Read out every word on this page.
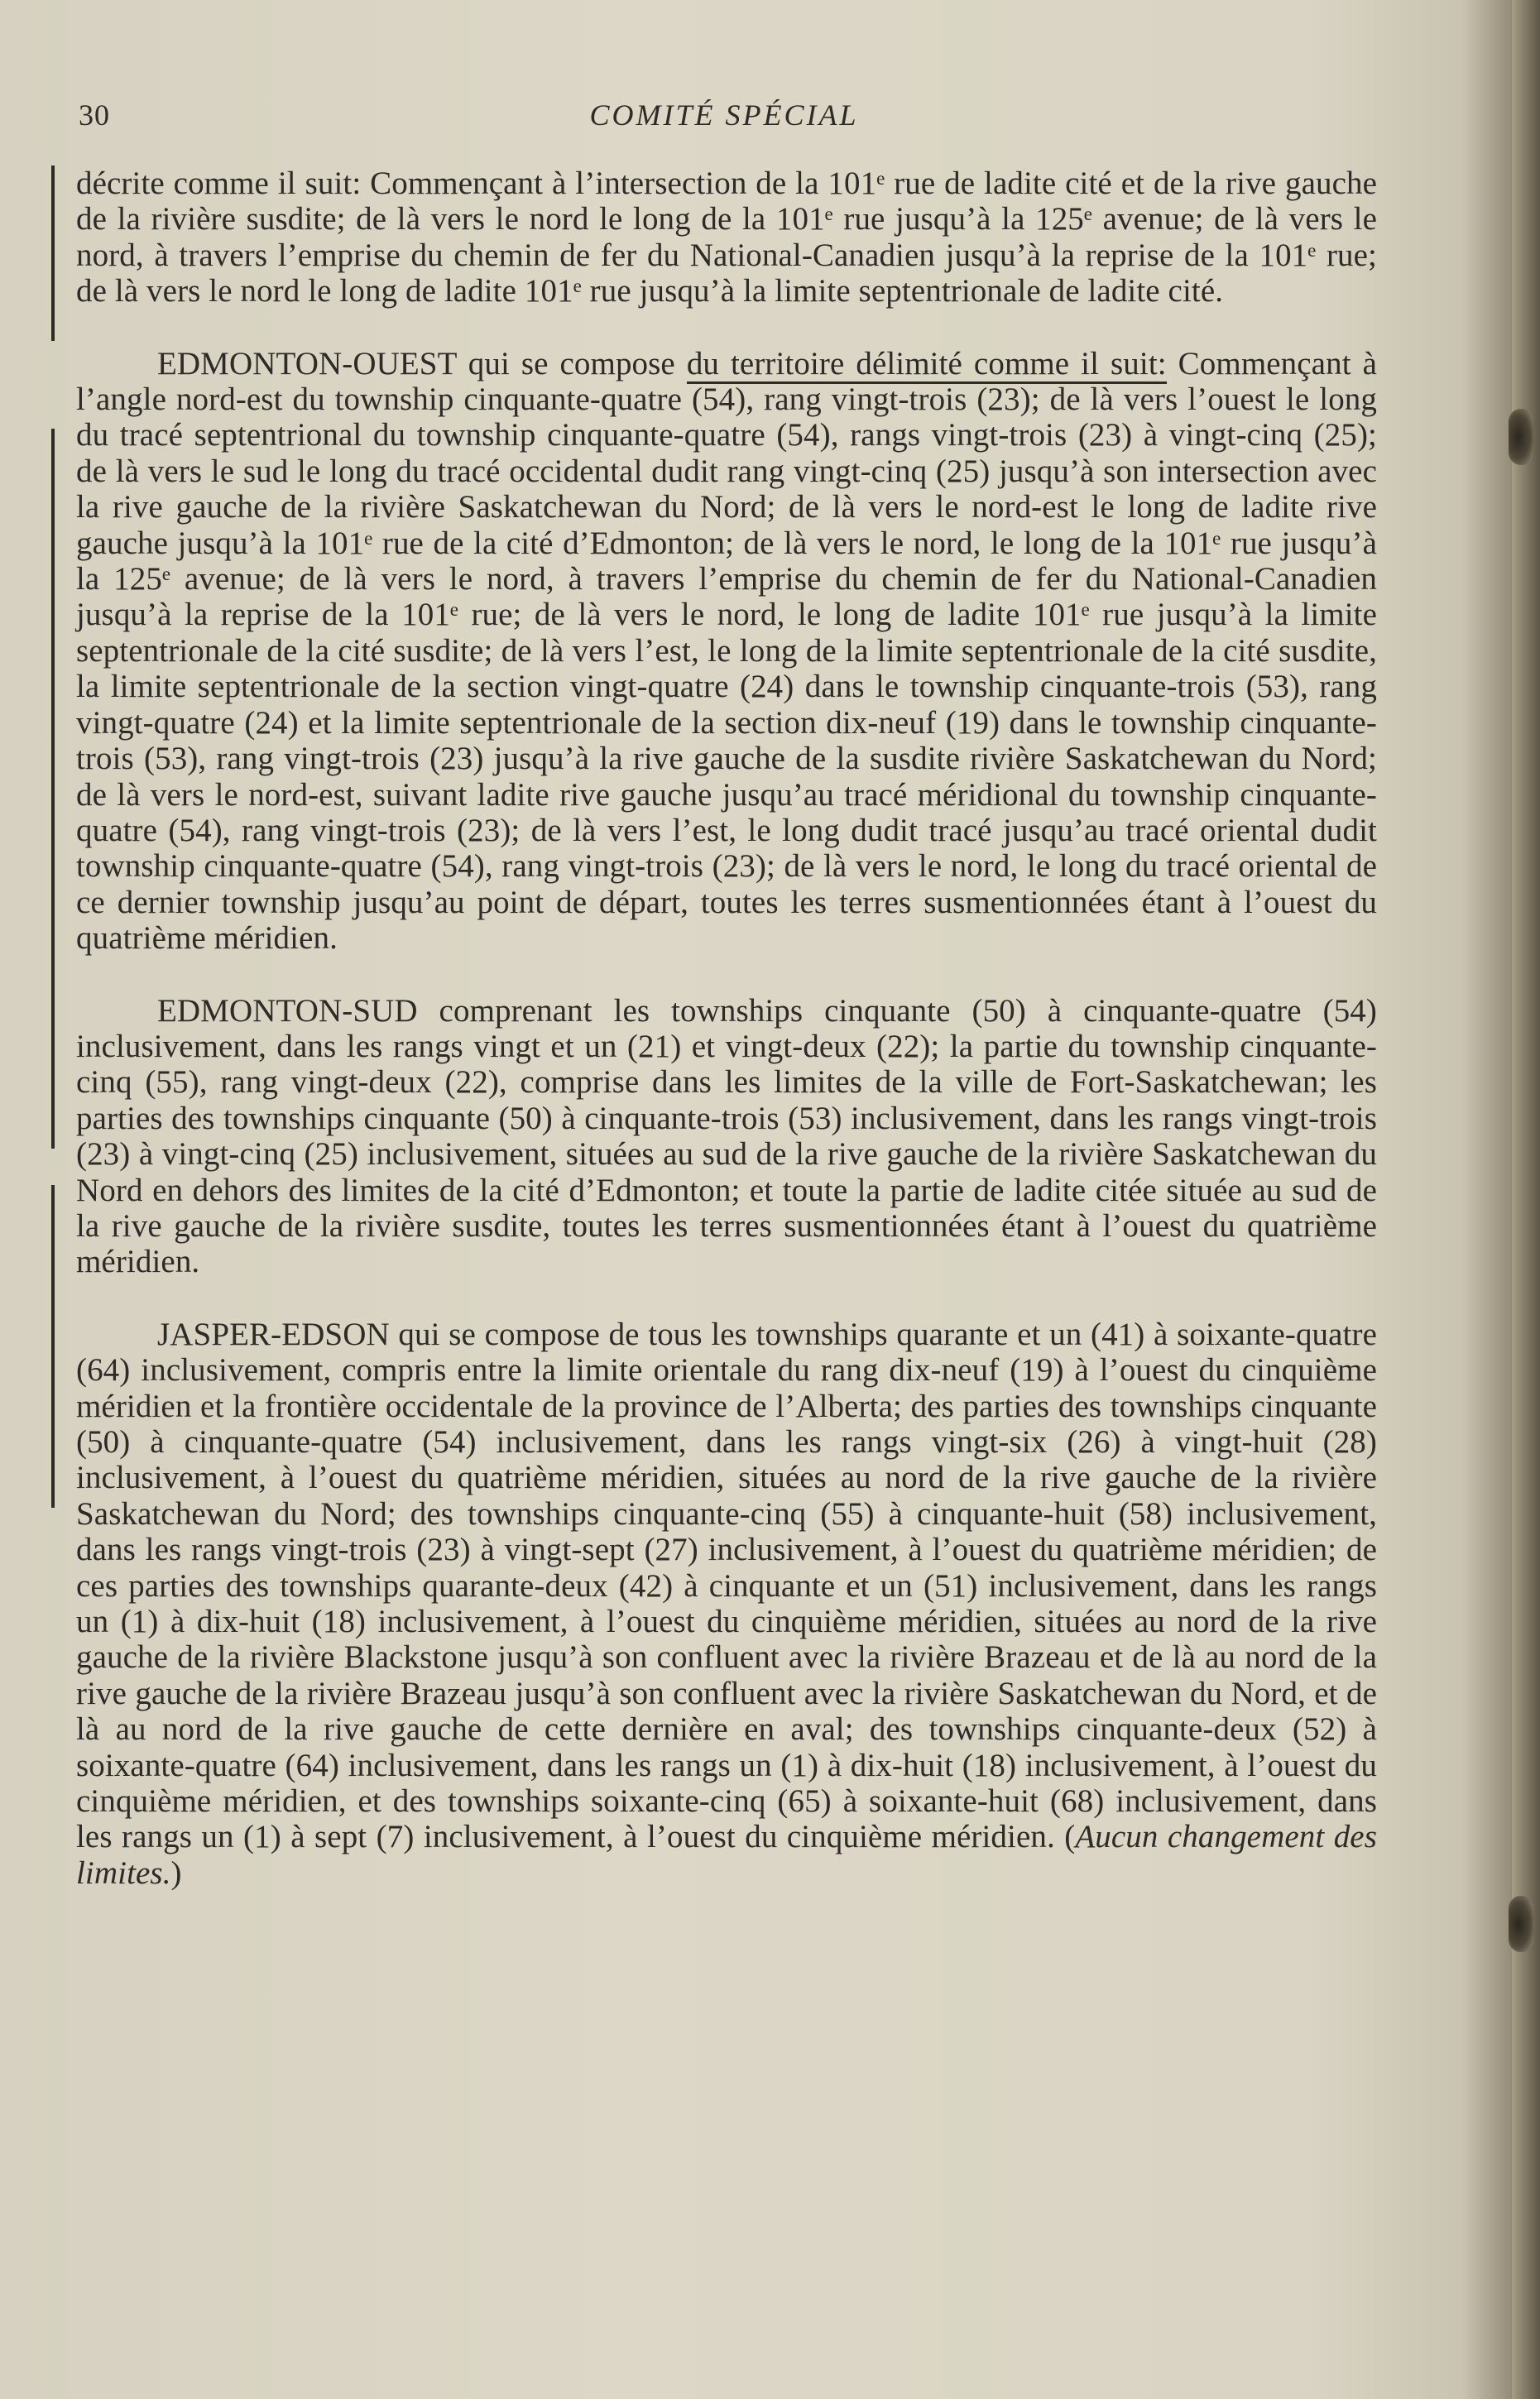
30	COMITÉ SPÉCIAL

décrite comme il suit: Commençant à l’intersection de la 101ᵉ rue de ladite cité et de la rive gauche de la rivière susdite; de là vers le nord le long de la 101ᵉ rue jusqu’à la 125ᵉ avenue; de là vers le nord, à travers l’emprise du chemin de fer du National-Canadien jusqu’à la reprise de la 101ᵉ rue; de là vers le nord le long de ladite 101ᵉ rue jusqu’à la limite septentrionale de ladite cité.

EDMONTON-OUEST qui se compose du territoire délimité comme il suit: Commençant à l’angle nord-est du township cinquante-quatre (54), rang vingt-trois (23); de là vers l’ouest le long du tracé septentrional du township cinquante-quatre (54), rangs vingt-trois (23) à vingt-cinq (25); de là vers le sud le long du tracé occidental dudit rang vingt-cinq (25) jusqu’à son intersection avec la rive gauche de la rivière Saskatchewan du Nord; de là vers le nord-est le long de ladite rive gauche jusqu’à la 101ᵉ rue de la cité d’Edmonton; de là vers le nord, le long de la 101ᵉ rue jusqu’à la 125ᵉ avenue; de là vers le nord, à travers l’emprise du chemin de fer du National-Canadien jusqu’à la reprise de la 101ᵉ rue; de là vers le nord, le long de ladite 101ᵉ rue jusqu’à la limite septentrionale de la cité susdite; de là vers l’est, le long de la limite septentrionale de la cité susdite, la limite septentrionale de la section vingt-quatre (24) dans le township cinquante-trois (53), rang vingt-quatre (24) et la limite septentrionale de la section dix-neuf (19) dans le township cinquante-trois (53), rang vingt-trois (23) jusqu’à la rive gauche de la susdite rivière Saskatchewan du Nord; de là vers le nord-est, suivant ladite rive gauche jusqu’au tracé méridional du township cinquante-quatre (54), rang vingt-trois (23); de là vers l’est, le long dudit tracé jusqu’au tracé oriental dudit township cinquante-quatre (54), rang vingt-trois (23); de là vers le nord, le long du tracé oriental de ce dernier township jusqu’au point de départ, toutes les terres susmentionnées étant à l’ouest du quatrième méridien.

EDMONTON-SUD comprenant les townships cinquante (50) à cinquante-quatre (54) inclusivement, dans les rangs vingt et un (21) et vingt-deux (22); la partie du township cinquante-cinq (55), rang vingt-deux (22), comprise dans les limites de la ville de Fort-Saskatchewan; les parties des townships cinquante (50) à cinquante-trois (53) inclusivement, dans les rangs vingt-trois (23) à vingt-cinq (25) inclusivement, situées au sud de la rive gauche de la rivière Saskatchewan du Nord en dehors des limites de la cité d’Edmonton; et toute la partie de ladite citée située au sud de la rive gauche de la rivière susdite, toutes les terres susmentionnées étant à l’ouest du quatrième méridien.

JASPER-EDSON qui se compose de tous les townships quarante et un (41) à soixante-quatre (64) inclusivement, compris entre la limite orientale du rang dix-neuf (19) à l’ouest du cinquième méridien et la frontière occidentale de la province de l’Alberta; des parties des townships cinquante (50) à cinquante-quatre (54) inclusivement, dans les rangs vingt-six (26) à vingt-huit (28) inclusivement, à l’ouest du quatrième méridien, situées au nord de la rive gauche de la rivière Saskatchewan du Nord; des townships cinquante-cinq (55) à cinquante-huit (58) inclusivement, dans les rangs vingt-trois (23) à vingt-sept (27) inclusivement, à l’ouest du quatrième méridien; de ces parties des townships quarante-deux (42) à cinquante et un (51) inclusivement, dans les rangs un (1) à dix-huit (18) inclusivement, à l’ouest du cinquième méridien, situées au nord de la rive gauche de la rivière Blackstone jusqu’à son confluent avec la rivière Brazeau et de là au nord de la rive gauche de la rivière Brazeau jusqu’à son confluent avec la rivière Saskatchewan du Nord, et de là au nord de la rive gauche de cette dernière en aval; des townships cinquante-deux (52) à soixante-quatre (64) inclusivement, dans les rangs un (1) à dix-huit (18) inclusivement, à l’ouest du cinquième méridien, et des townships soixante-cinq (65) à soixante-huit (68) inclusivement, dans les rangs un (1) à sept (7) inclusivement, à l’ouest du cinquième méridien. (Aucun changement des limites.)
